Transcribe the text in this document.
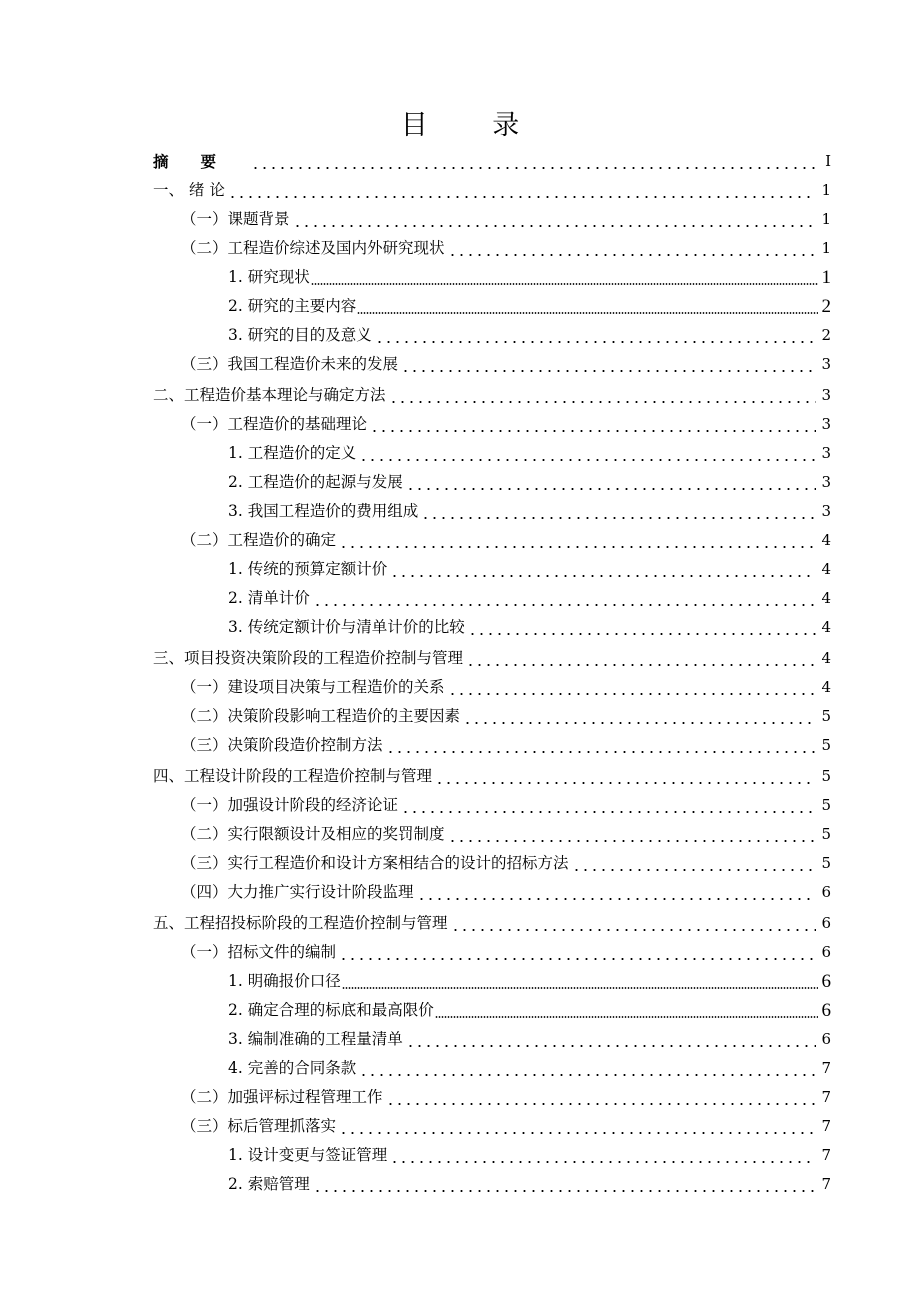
目 录
摘要	I
一、 绪 论	1
（一）课题背景	1
（二）工程造价综述及国内外研究现状	1
1. 研究现状	1
2. 研究的主要内容	2
3. 研究的目的及意义	2
（三）我国工程造价未来的发展	3
二、工程造价基本理论与确定方法	3
（一）工程造价的基础理论	3
1. 工程造价的定义	3
2. 工程造价的起源与发展	3
3. 我国工程造价的费用组成	3
（二）工程造价的确定	4
1. 传统的预算定额计价	4
2. 清单计价	4
3. 传统定额计价与清单计价的比较	4
三、项目投资决策阶段的工程造价控制与管理	4
（一）建设项目决策与工程造价的关系	4
（二）决策阶段影响工程造价的主要因素	5
（三）决策阶段造价控制方法	5
四、工程设计阶段的工程造价控制与管理	5
（一）加强设计阶段的经济论证	5
（二）实行限额设计及相应的奖罚制度	5
（三）实行工程造价和设计方案相结合的设计的招标方法	5
（四）大力推广实行设计阶段监理	6
五、工程招投标阶段的工程造价控制与管理	6
（一）招标文件的编制	6
1. 明确报价口径	6
2. 确定合理的标底和最高限价	6
3. 编制准确的工程量清单	6
4. 完善的合同条款	7
（二）加强评标过程管理工作	7
（三）标后管理抓落实	7
1. 设计变更与签证管理	7
2. 索赔管理	7
